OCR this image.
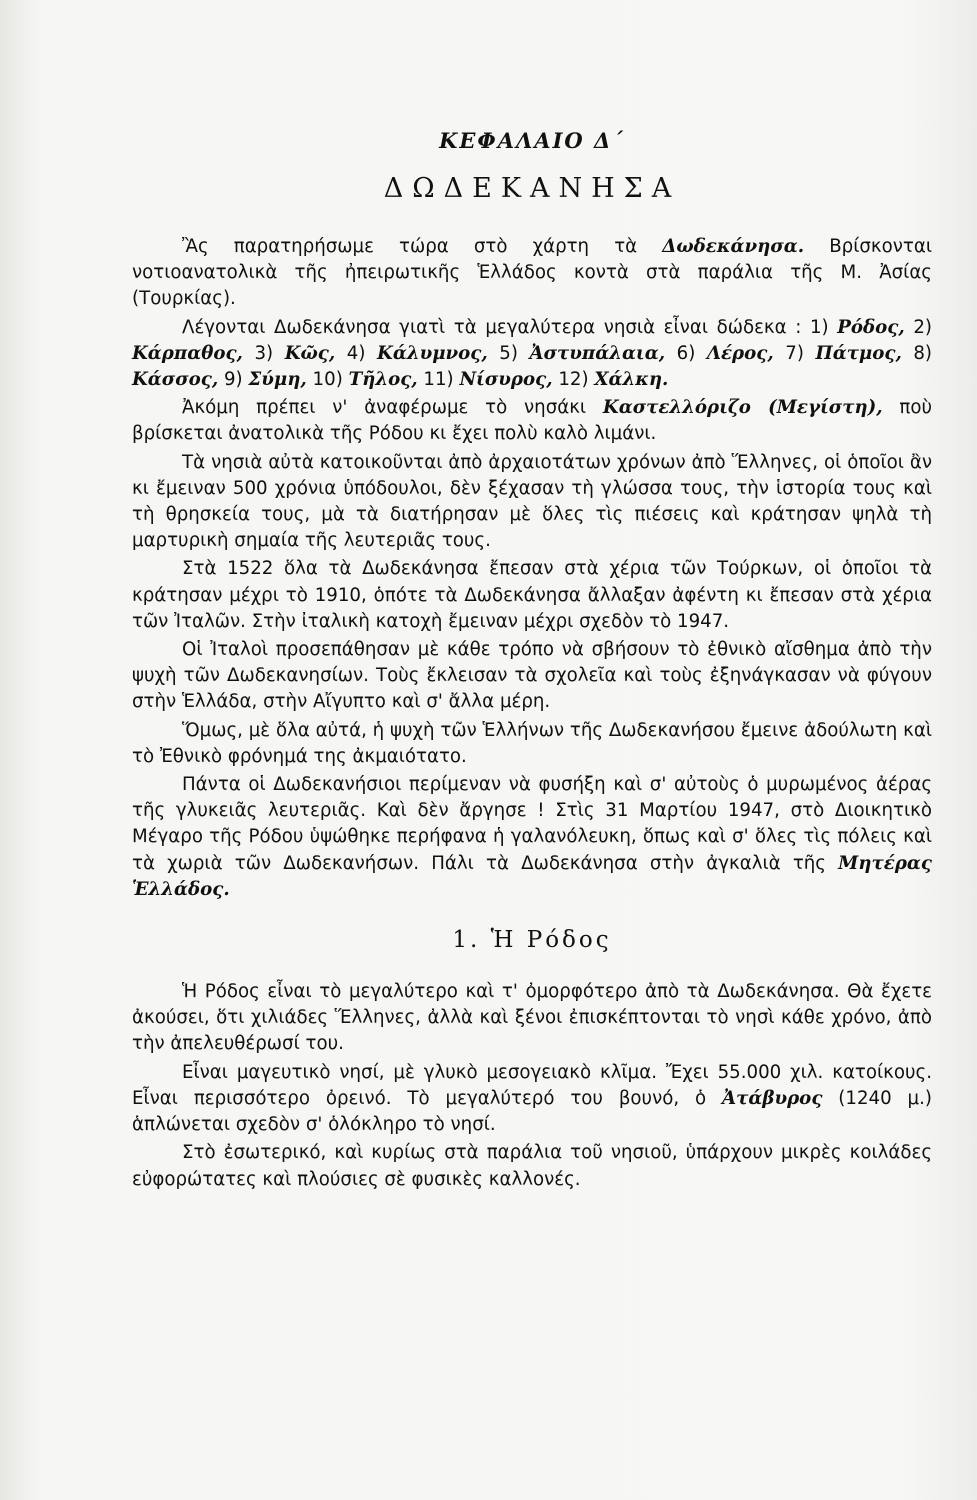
ΚΕΦΑΛΑΙΟ Δ΄
ΔΩΔΕΚΑΝΗΣΑ

Ἂς παρατηρήσωμε τώρα στὸ χάρτη τὰ Δωδεκάνησα. Βρίσκονται νοτιοανατολικὰ τῆς ἠπειρωτικῆς Ἑλλάδος κοντὰ στὰ παράλια τῆς Μ. Ἀσίας (Τουρκίας).

Λέγονται Δωδεκάνησα γιατὶ τὰ μεγαλύτερα νησιὰ εἶναι δώδεκα : 1) Ρόδος, 2) Κάρπαθος, 3) Κῶς, 4) Κάλυμνος, 5) Ἀστυπάλαια, 6) Λέρος, 7) Πάτμος, 8) Κάσσος, 9) Σύμη, 10) Τῆλος, 11) Νίσυρος, 12) Χάλκη.

Ἀκόμη πρέπει ν' ἀναφέρωμε τὸ νησάκι Καστελλόριζο (Μεγίστη), ποὺ βρίσκεται ἀνατολικὰ τῆς Ρόδου κι ἔχει πολὺ καλὸ λιμάνι.

Τὰ νησιὰ αὐτὰ κατοικοῦνται ἀπὸ ἀρχαιοτάτων χρόνων ἀπὸ Ἕλληνες, οἱ ὁποῖοι ἂν κι ἔμειναν 500 χρόνια ὑπόδουλοι, δὲν ξέχασαν τὴ γλώσσα τους, τὴν ἱστορία τους καὶ τὴ θρησκεία τους, μὰ τὰ διατήρησαν μὲ ὅλες τὶς πιέσεις καὶ κράτησαν ψηλὰ τὴ μαρτυρικὴ σημαία τῆς λευτεριᾶς τους.

Στὰ 1522 ὅλα τὰ Δωδεκάνησα ἔπεσαν στὰ χέρια τῶν Τούρκων, οἱ ὁποῖοι τὰ κράτησαν μέχρι τὸ 1910, ὁπότε τὰ Δωδεκάνησα ἄλλαξαν ἀφέντη κι ἔπεσαν στὰ χέρια τῶν Ἰταλῶν. Στὴν ἰταλικὴ κατοχὴ ἔμειναν μέχρι σχεδὸν τὸ 1947.

Οἱ Ἰταλοὶ προσεπάθησαν μὲ κάθε τρόπο νὰ σβήσουν τὸ ἐθνικὸ αἴσθημα ἀπὸ τὴν ψυχὴ τῶν Δωδεκανησίων. Τοὺς ἔκλεισαν τὰ σχολεῖα καὶ τοὺς ἐξηνάγκασαν νὰ φύγουν στὴν Ἑλλάδα, στὴν Αἴγυπτο καὶ σ' ἄλλα μέρη.

Ὅμως, μὲ ὅλα αὐτά, ἡ ψυχὴ τῶν Ἑλλήνων τῆς Δωδεκανήσου ἔμεινε ἀδούλωτη καὶ τὸ Ἐθνικὸ φρόνημά της ἀκμαιότατο.

Πάντα οἱ Δωδεκανήσιοι περίμεναν νὰ φυσήξη καὶ σ' αὐτοὺς ὁ μυρωμένος ἀέρας τῆς γλυκειᾶς λευτεριᾶς. Καὶ δὲν ἄργησε ! Στὶς 31 Μαρτίου 1947, στὸ Διοικητικὸ Μέγαρο τῆς Ρόδου ὑψώθηκε περήφανα ἡ γαλανόλευκη, ὅπως καὶ σ' ὅλες τὶς πόλεις καὶ τὰ χωριὰ τῶν Δωδεκανήσων. Πάλι τὰ Δωδεκάνησα στὴν ἀγκαλιὰ τῆς Μητέρας Ἑλλάδος.

1. Ἡ Ρόδος

Ἡ Ρόδος εἶναι τὸ μεγαλύτερο καὶ τ' ὀμορφότερο ἀπὸ τὰ Δωδεκάνησα. Θὰ ἔχετε ἀκούσει, ὅτι χιλιάδες Ἕλληνες, ἀλλὰ καὶ ξένοι ἐπισκέπτονται τὸ νησὶ κάθε χρόνο, ἀπὸ τὴν ἀπελευθέρωσί του.

Εἶναι μαγευτικὸ νησί, μὲ γλυκὸ μεσογειακὸ κλῖμα. Ἔχει 55.000 χιλ. κατοίκους. Εἶναι περισσότερο ὀρεινό. Τὸ μεγαλύτερό του βουνό, ὁ Ἀτάβυρος (1240 μ.) ἁπλώνεται σχεδὸν σ' ὁλόκληρο τὸ νησί.

Στὸ ἐσωτερικό, καὶ κυρίως στὰ παράλια τοῦ νησιοῦ, ὑπάρχουν μικρὲς κοιλάδες εὐφορώτατες καὶ πλούσιες σὲ φυσικὲς καλλονές.
